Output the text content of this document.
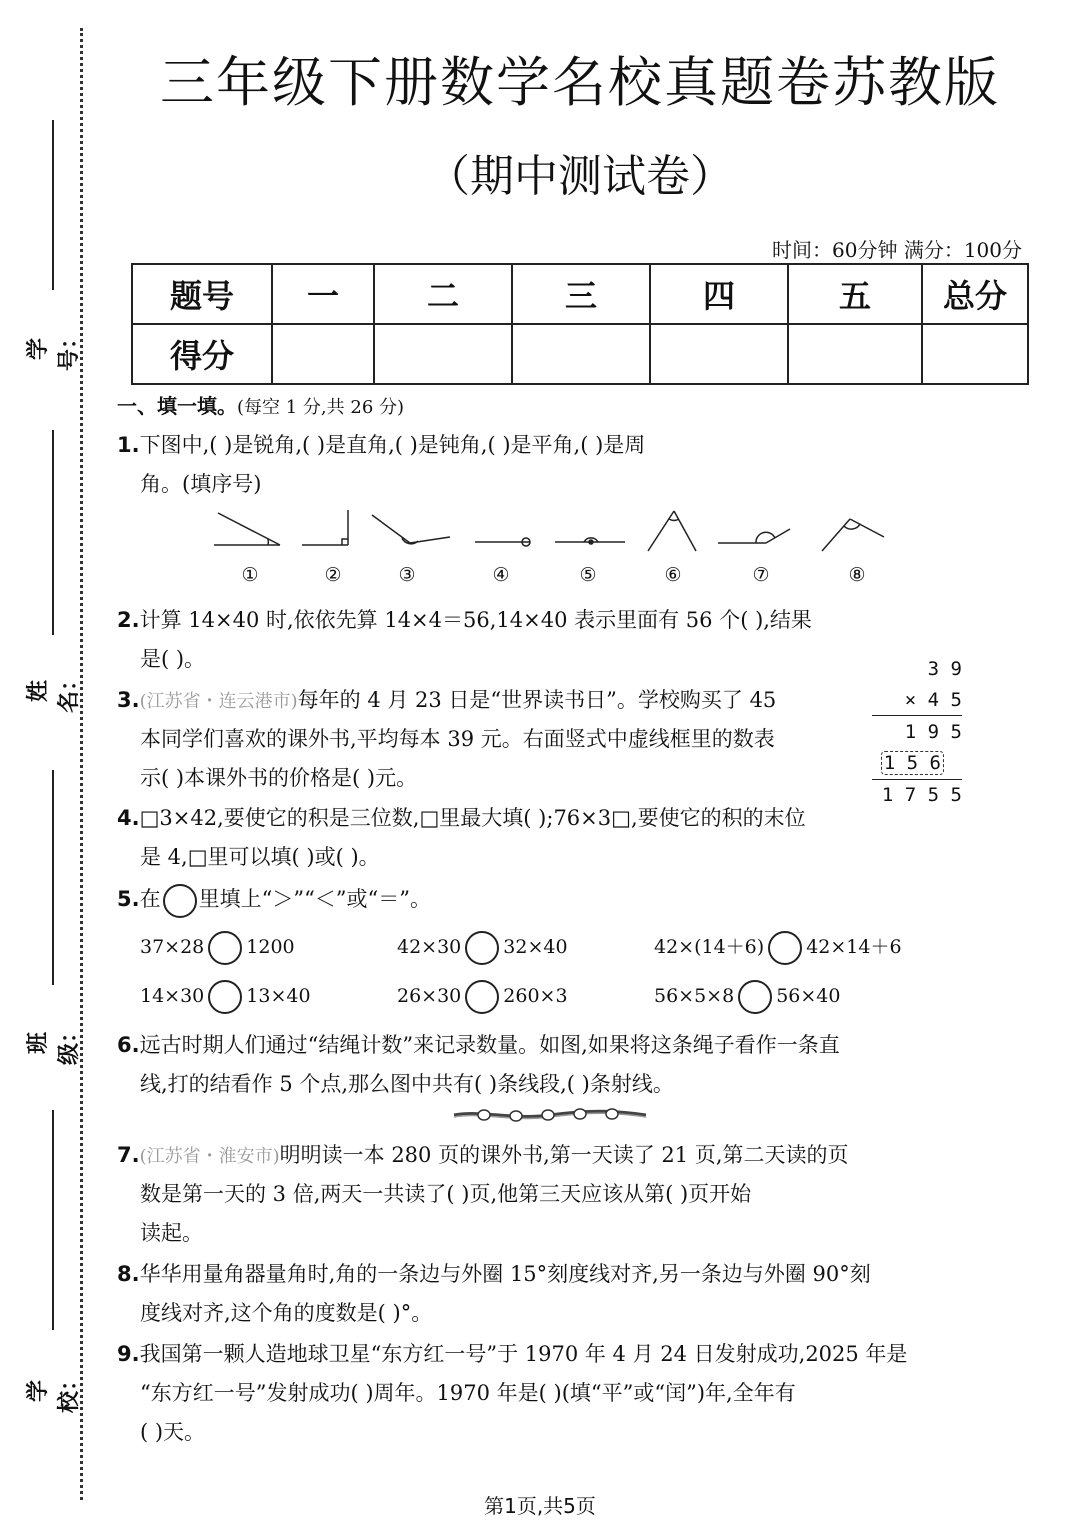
学号：
姓名：
班级：
学校：
三年级下册数学名校真题卷苏教版
（期中测试卷）
时间：60分钟 满分：100分
题号	一	二	三	四	五	总分
得分						
一、填一填。(每空 1 分,共 26 分)
1.下图中,( )是锐角,( )是直角,( )是钝角,( )是平角,( )是周
角。(填序号)
①	②	③	④	⑤	⑥	⑦	⑧
2.计算 14×40 时,依依先算 14×4＝56,14×40 表示里面有 56 个( ),结果
是( )。
3.(江苏省・连云港市)每年的 4 月 23 日是“世界读书日”。学校购买了 45
本同学们喜欢的课外书,平均每本 39 元。右面竖式中虚线框里的数表
示( )本课外书的价格是( )元。
3 9
× 4 5
1 9 5
1 5 6
1 7 5 5
4.□3×42,要使它的积是三位数,□里最大填( );76×3□,要使它的积的末位
是 4,□里可以填( )或( )。
5.在 里填上“＞”“＜”或“＝”。
37×28 1200	42×30 32×40	42×(14＋6) 42×14＋6
14×30 13×40	26×30 260×3	56×5×8 56×40
6.远古时期人们通过“结绳计数”来记录数量。如图,如果将这条绳子看作一条直
线,打的结看作 5 个点,那么图中共有( )条线段,( )条射线。
7.(江苏省・淮安市)明明读一本 280 页的课外书,第一天读了 21 页,第二天读的页
数是第一天的 3 倍,两天一共读了( )页,他第三天应该从第( )页开始
读起。
8.华华用量角器量角时,角的一条边与外圈 15°刻度线对齐,另一条边与外圈 90°刻
度线对齐,这个角的度数是( )°。
9.我国第一颗人造地球卫星“东方红一号”于 1970 年 4 月 24 日发射成功,2025 年是
“东方红一号”发射成功( )周年。1970 年是( )(填“平”或“闰”)年,全年有
( )天。
第1页,共5页
